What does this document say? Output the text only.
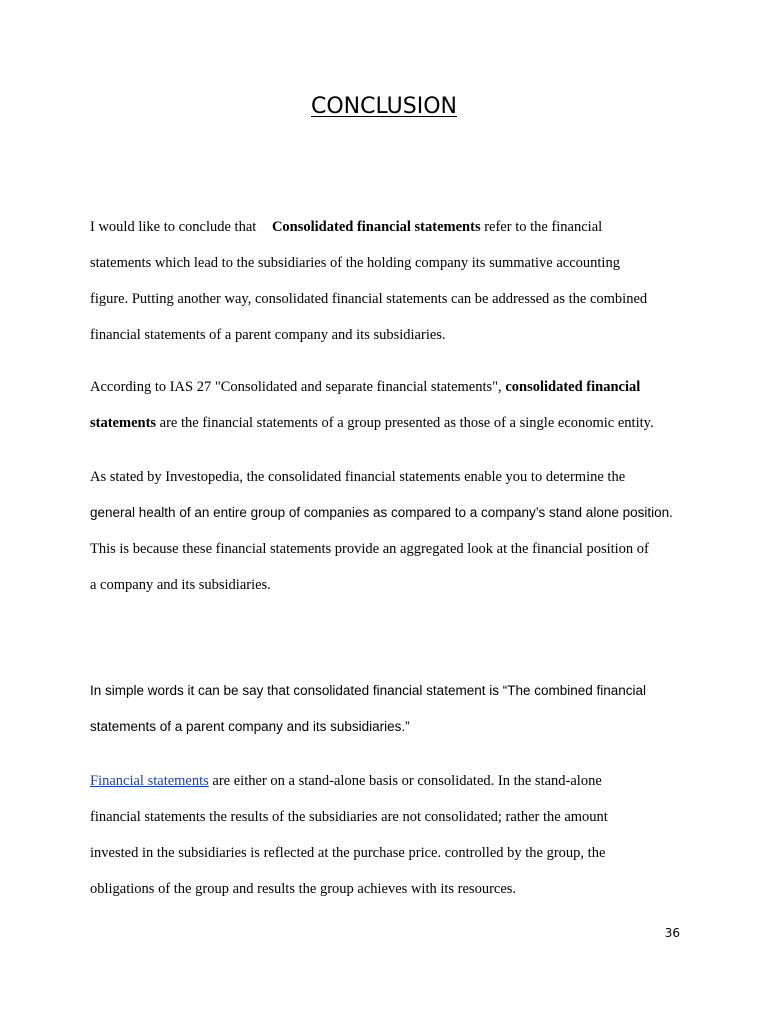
CONCLUSION

I would like to conclude that Consolidated financial statements refer to the financial
statements which lead to the subsidiaries of the holding company its summative accounting
figure. Putting another way, consolidated financial statements can be addressed as the combined
financial statements of a parent company and its subsidiaries.

According to IAS 27 "Consolidated and separate financial statements", consolidated financial
statements are the financial statements of a group presented as those of a single economic entity.

As stated by Investopedia, the consolidated financial statements enable you to determine the
general health of an entire group of companies as compared to a company’s stand alone position.
This is because these financial statements provide an aggregated look at the financial position of
a company and its subsidiaries.

In simple words it can be say that consolidated financial statement is “The combined financial
statements of a parent company and its subsidiaries.”

Financial statements are either on a stand-alone basis or consolidated. In the stand-alone
financial statements the results of the subsidiaries are not consolidated; rather the amount
invested in the subsidiaries is reflected at the purchase price. controlled by the group, the
obligations of the group and results the group achieves with its resources.

36
